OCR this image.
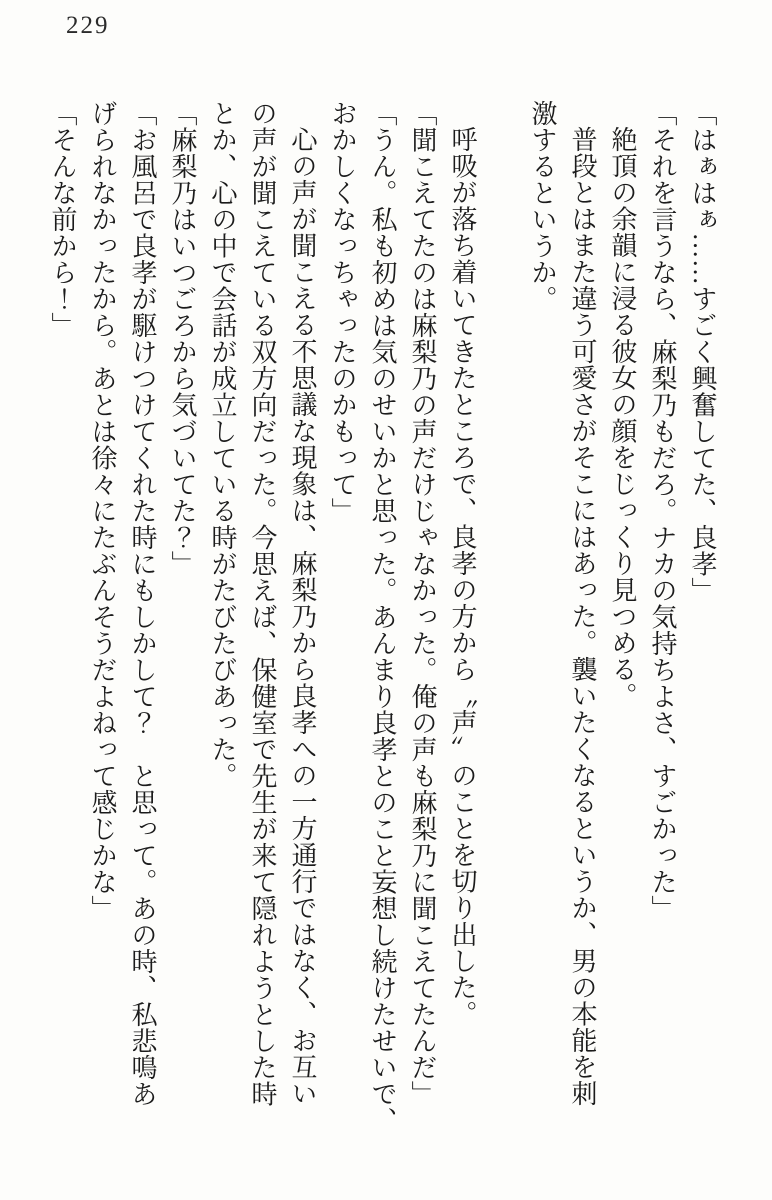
229

「はぁはぁ……すごく興奮してた、良孝」

「それを言うなら、麻梨乃もだろ。ナカの気持ちよさ、すごかった」

絶頂の余韻に浸る彼女の顔をじっくり見つめる。

普段とはまた違う可愛さがそこにはあった。襲いたくなるというか、男の本能を刺

激するというか。

呼吸が落ち着いてきたところで、良孝の方から〝声〟のことを切り出した。

「聞こえてたのは麻梨乃の声だけじゃなかった。俺の声も麻梨乃に聞こえてたんだ」

「うん。私も初めは気のせいかと思った。あんまり良孝とのこと妄想し続けたせいで、

おかしくなっちゃったのかもって」

心の声が聞こえる不思議な現象は、麻梨乃から良孝への一方通行ではなく、お互い

の声が聞こえている双方向だった。今思えば、保健室で先生が来て隠れようとした時

とか、心の中で会話が成立している時がたびたびあった。

「麻梨乃はいつごろから気づいてた？」

「お風呂で良孝が駆けつけてくれた時にもしかして？　と思って。あの時、私悲鳴あ

げられなかったから。あとは徐々にたぶんそうだよねって感じかな」

「そんな前から！」
